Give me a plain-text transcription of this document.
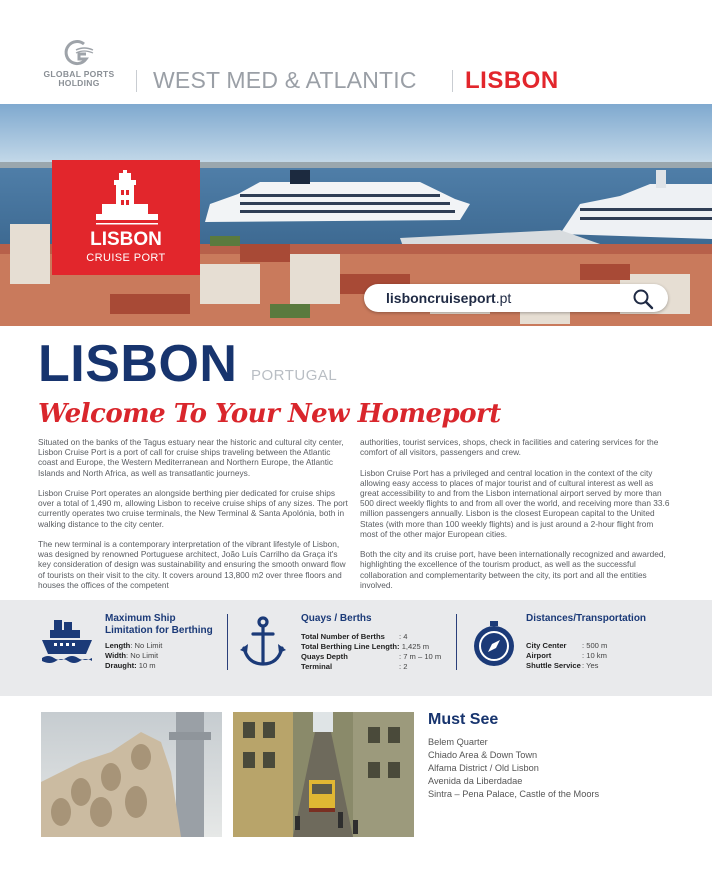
GLOBAL PORTS
HOLDING	WEST MED & ATLANTIC LISBON
LISBON
CRUISE PORT
lisboncruiseport.pt
LISBON PORTUGAL
Welcome To Your New Homeport

Situated on the banks of the Tagus estuary near the historic and cultural city center, Lisbon Cruise Port is a port of call for cruise ships traveling between the Atlantic coast and Europe, the Western Mediterranean and Northern Europe, the Atlantic Islands and North Africa, as well as transatlantic journeys.

Lisbon Cruise Port operates an alongside berthing pier dedicated for cruise ships over a total of 1,490 m, allowing Lisbon to receive cruise ships of any sizes. The port currently operates two cruise terminals, the New Terminal & Santa Apolónia, both in walking distance to the city center.

The new terminal is a contemporary interpretation of the vibrant lifestyle of Lisbon, was designed by renowned Portuguese architect, João Luís Carrilho da Graça it's key consideration of design was sustainability and ensuring the smooth onward flow of tourists on their visit to the city. It covers around 13,800 m2 over three floors and houses the offices of the competent

authorities, tourist services, shops, check in facilities and catering services for the comfort of all visitors, passengers and crew.

Lisbon Cruise Port has a privileged and central location in the context of the city allowing easy access to places of major tourist and of cultural interest as well as great accessibility to and from the Lisbon international airport served by more than 500 direct weekly flights to and from all over the world, and receiving more than 33.6 million passengers annually. Lisbon is the closest European capital to the United States (with more than 100 weekly flights) and is just around a 2-hour flight from most of the other major European cities.

Both the city and its cruise port, have been internationally recognized and awarded, highlighting the excellence of the tourism product, as well as the successful collaboration and complementarity between the city, its port and all the entities involved.

Maximum Ship
Limitation for Berthing
Length: No Limit
Width: No Limit
Draught: 10 m
Quays / Berths
Total Number of Berths : 4
Total Berthing Line Length: 1,425 m
Quays Depth	: 7 m – 10 m
Terminal	: 2
Distances/Transportation
City Center : 500 m
Airport	: 10 km
Shuttle Service: Yes
Must See
Belem Quarter
Chiado Area & Down Town
Alfama District / Old Lisbon
Avenida da Liberdadae
Sintra – Pena Palace, Castle of the Moors
